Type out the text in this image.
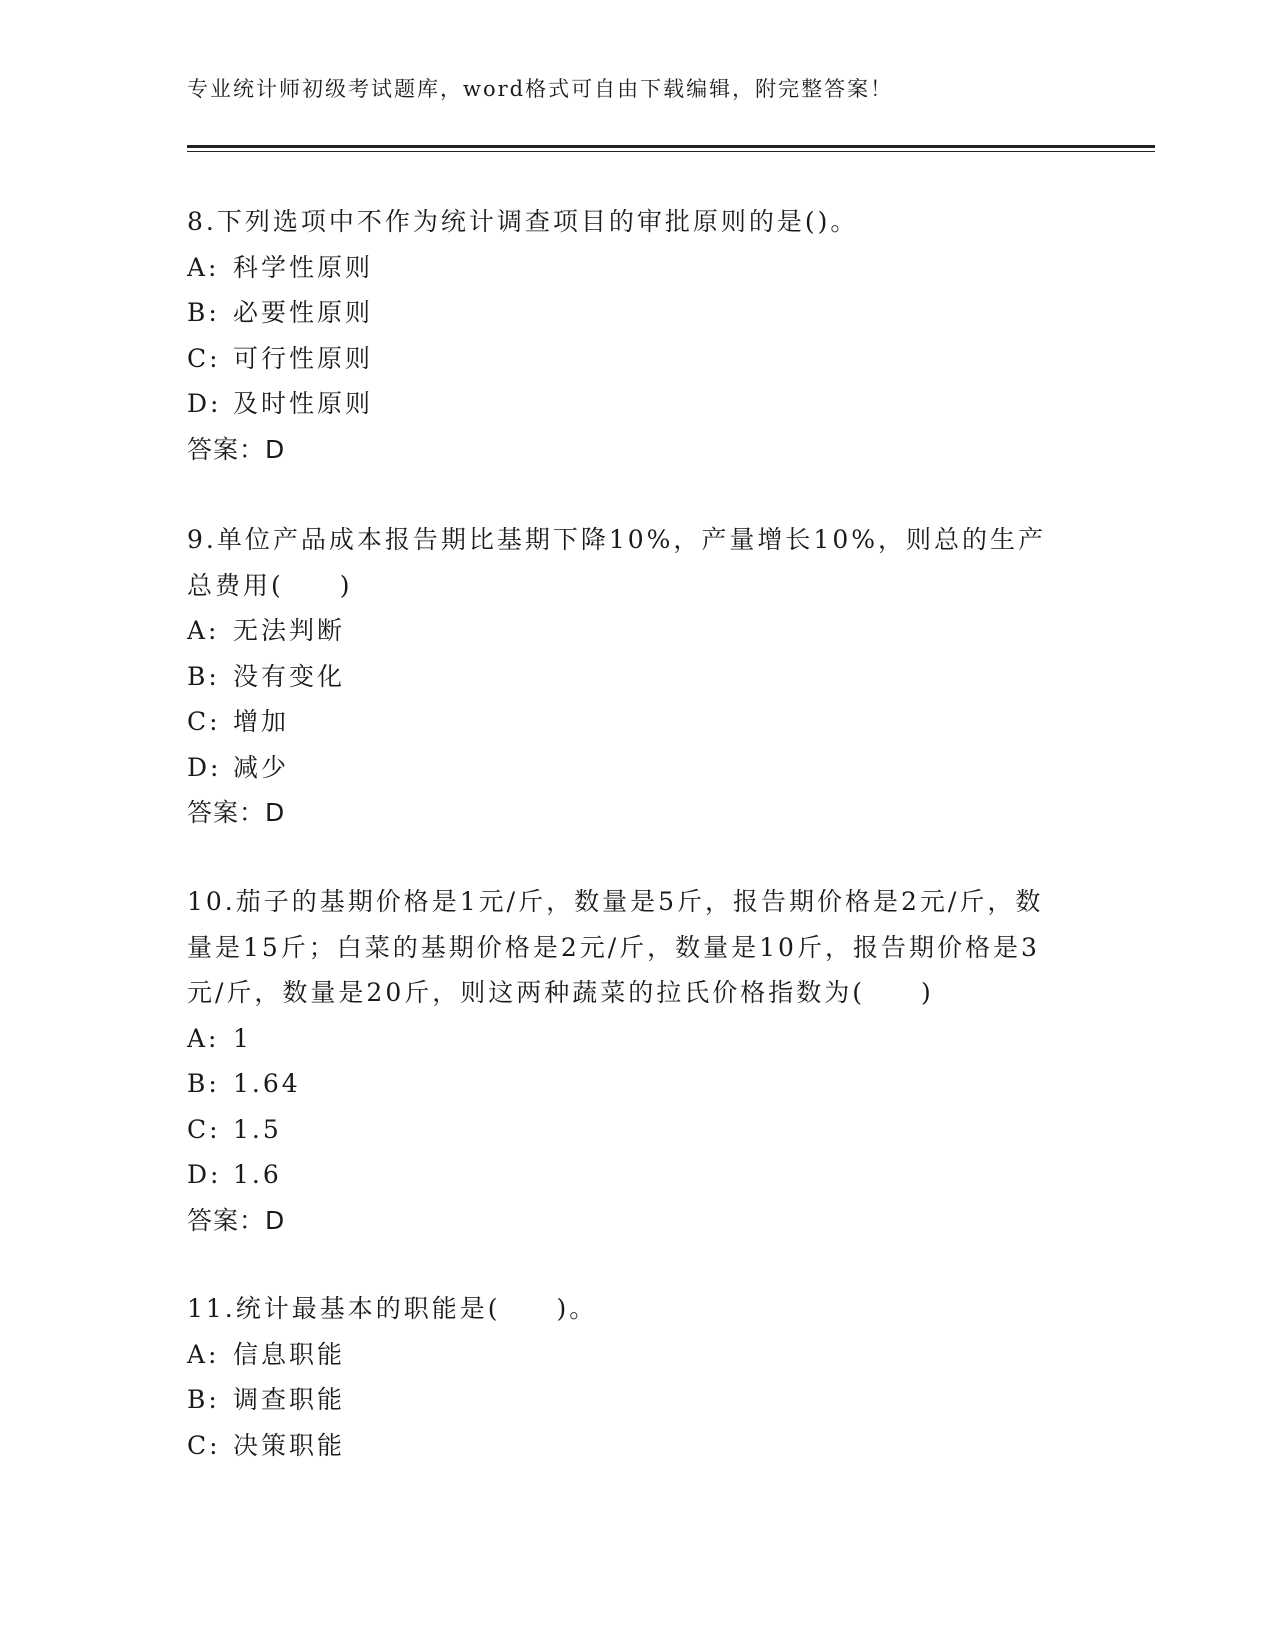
专业统计师初级考试题库，word格式可自由下载编辑，附完整答案！

8.下列选项中不作为统计调查项目的审批原则的是()。

A: 科学性原则
B: 必要性原则
C: 可行性原则
D: 及时性原则
答案：D

9.单位产品成本报告期比基期下降10%，产量增长10%，则总的生产总费用(　　)

A: 无法判断
B: 没有变化
C: 增加
D: 减少
答案：D

10.茄子的基期价格是1元/斤，数量是5斤，报告期价格是2元/斤，数量是15斤；白菜的基期价格是2元/斤，数量是10斤，报告期价格是3元/斤，数量是20斤，则这两种蔬菜的拉氏价格指数为(　　)

A: 1
B: 1.64
C: 1.5
D: 1.6
答案：D

11.统计最基本的职能是(　　)。

A: 信息职能
B: 调查职能
C: 决策职能
